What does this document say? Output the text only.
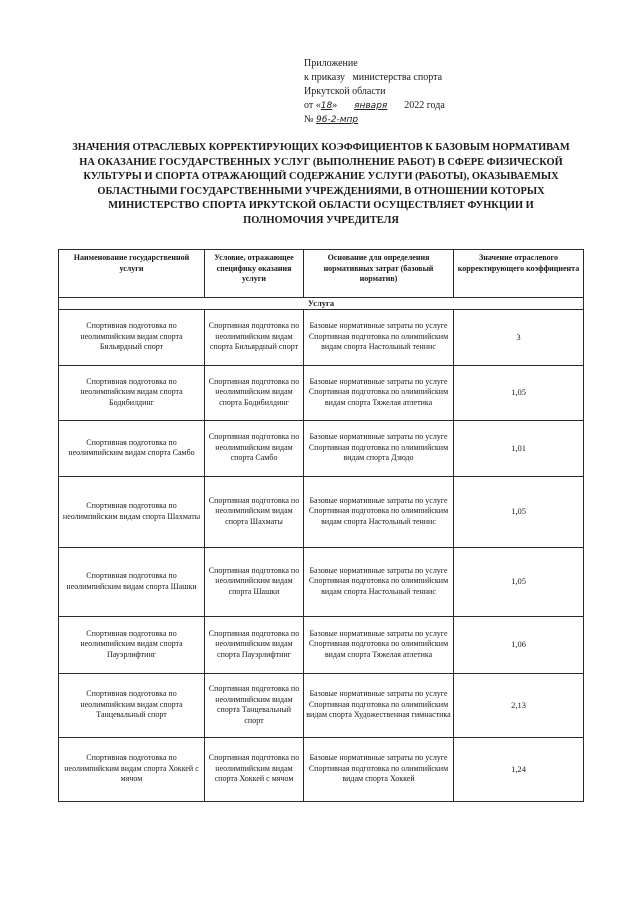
Приложение
к приказу министерства спорта
Иркутской области
от «18» января 2022 года
№ 96-2-мпр
ЗНАЧЕНИЯ ОТРАСЛЕВЫХ КОРРЕКТИРУЮЩИХ КОЭФФИЦИЕНТОВ К БАЗОВЫМ НОРМАТИВАМ НА ОКАЗАНИЕ ГОСУДАРСТВЕННЫХ УСЛУГ (ВЫПОЛНЕНИЕ РАБОТ) В СФЕРЕ ФИЗИЧЕСКОЙ КУЛЬТУРЫ И СПОРТА ОТРАЖАЮЩИЙ СОДЕРЖАНИЕ УСЛУГИ (РАБОТЫ), ОКАЗЫВАЕМЫХ ОБЛАСТНЫМИ ГОСУДАРСТВЕННЫМИ УЧРЕЖДЕНИЯМИ, В ОТНОШЕНИИ КОТОРЫХ МИНИСТЕРСТВО СПОРТА ИРКУТСКОЙ ОБЛАСТИ ОСУЩЕСТВЛЯЕТ ФУНКЦИИ И ПОЛНОМОЧИЯ УЧРЕДИТЕЛЯ
Наименование государственной услуги	Условие, отражающее специфику оказания услуги	Основание для определения нормативных затрат (базовый норматив)	Значение отраслевого корректирующего коэффициента
Услуга			
Спортивная подготовка по неолимпийским видам спорта Бильярдный спорт	Спортивная подготовка по неолимпийским видам спорта Бильярдный спорт	Базовые нормативные затраты по услуге Спортивная подготовка по олимпийским видам спорта Настольный теннис	3
Спортивная подготовка по неолимпийским видам спорта Бодибилдинг	Спортивная подготовка по неолимпийским видам спорта Бодибилдинг	Базовые нормативные затраты по услуге Спортивная подготовка по олимпийским видам спорта Тяжелая атлетика	1,05
Спортивная подготовка по неолимпийским видам спорта Самбо	Спортивная подготовка по неолимпийским видам спорта Самбо	Базовые нормативные затраты по услуге Спортивная подготовка по олимпийским видам спорта Дзюдо	1,01
Спортивная подготовка по неолимпийским видам спорта Шахматы	Спортивная подготовка по неолимпийским видам спорта Шахматы	Базовые нормативные затраты по услуге Спортивная подготовка по олимпийским видам спорта Настольный теннис	1,05
Спортивная подготовка по неолимпийским видам спорта Шашки	Спортивная подготовка по неолимпийским видам спорта Шашки	Базовые нормативные затраты по услуге Спортивная подготовка по олимпийским видам спорта Настольный теннис	1,05
Спортивная подготовка по неолимпийским видам спорта Пауэрлифтинг	Спортивная подготовка по неолимпийским видам спорта Пауэрлифтинг	Базовые нормативные затраты по услуге Спортивная подготовка по олимпийским видам спорта Тяжелая атлетика	1,06
Спортивная подготовка по неолимпийским видам спорта Танцевальный спорт	Спортивная подготовка по неолимпийским видам спорта Танцевальный спорт	Базовые нормативные затраты по услуге Спортивная подготовка по олимпийским видам спорта Художественная гимнастика	2,13
Спортивная подготовка по неолимпийским видам спорта Хоккей с мячом	Спортивная подготовка по неолимпийским видам спорта Хоккей с мячом	Базовые нормативные затраты по услуге Спортивная подготовка по олимпийским видам спорта Хоккей	1,24
